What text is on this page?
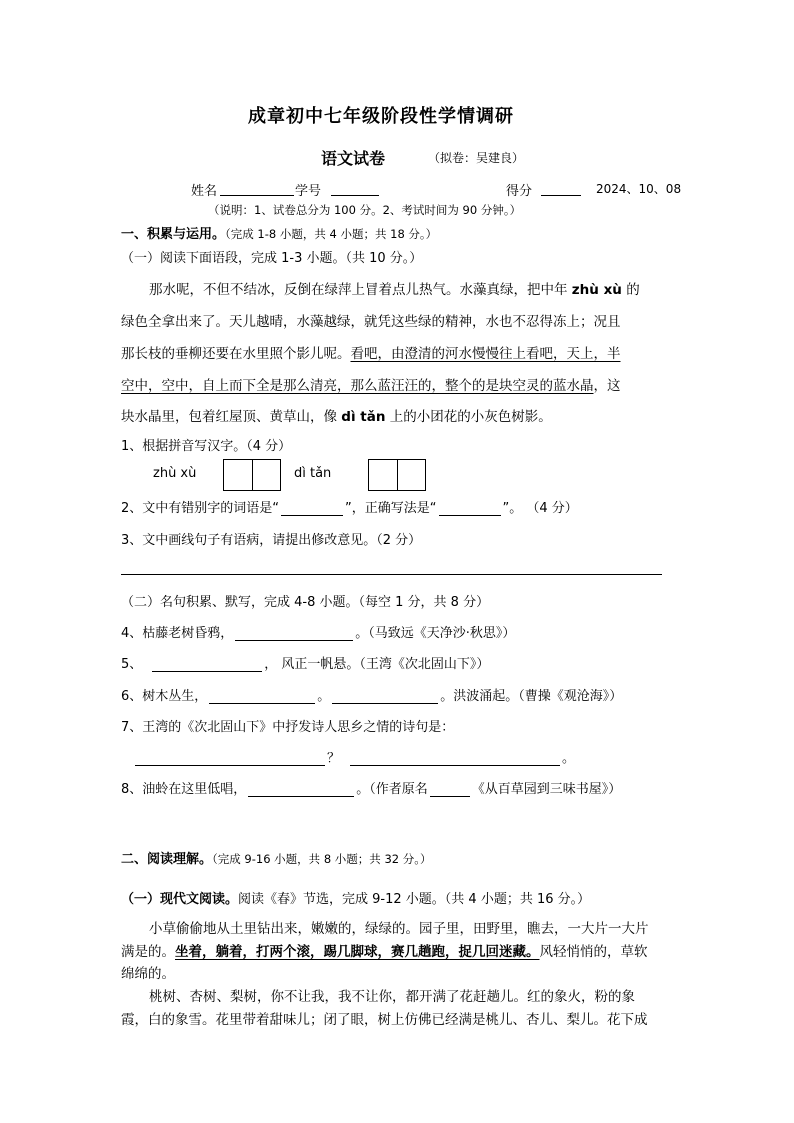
成章初中七年级阶段性学情调研
语文试卷	（拟卷：吴建良）
姓名	学号	得分	2024、10、08
（说明：1、试卷总分为 100 分。2、考试时间为 90 分钟。）
一、积累与运用。（完成 1-8 小题，共 4 小题；共 18 分。）
（一）阅读下面语段，完成 1-3 小题。（共 10 分。）
那水呢，不但不结冰，反倒在绿萍上冒着点儿热气。水藻真绿，把中年 zhù xù 的
绿色全拿出来了。天儿越晴，水藻越绿，就凭这些绿的精神，水也不忍得冻上；况且
那长枝的垂柳还要在水里照个影儿呢。看吧，由澄清的河水慢慢往上看吧，天上，半
空中，空中，自上而下全是那么清亮，那么蓝汪汪的，整个的是块空灵的蓝水晶，这
块水晶里，包着红屋顶、黄草山，像 dì tǎn 上的小团花的小灰色树影。
1、根据拼音写汉字。（4 分）
zhù xù	dì tǎn
2、文中有错别字的词语是“	”，正确写法是“	”。 （4 分）
3、文中画线句子有语病，请提出修改意见。（2 分）
（二）名句积累、默写，完成 4-8 小题。（每空 1 分，共 8 分）
4、枯藤老树昏鸦，	。（马致远《天净沙·秋思》）
5、	， 风正一帆悬。（王湾《次北固山下》）
6、树木丛生，	。	。洪波涌起。（曹操《观沧海》）
7、王湾的《次北固山下》中抒发诗人思乡之情的诗句是：
？	。
8、油蛉在这里低唱，	。（作者原名	《从百草园到三味书屋》）
二、阅读理解。（完成 9-16 小题，共 8 小题；共 32 分。）
（一）现代文阅读。阅读《春》节选，完成 9-12 小题。（共 4 小题；共 16 分。）
小草偷偷地从土里钻出来，嫩嫩的，绿绿的。园子里，田野里，瞧去，一大片一大片
满是的。坐着，躺着，打两个滚，踢几脚球，赛几趟跑，捉几回迷藏。风轻悄悄的，草软
绵绵的。
桃树、杏树、梨树，你不让我，我不让你，都开满了花赶趟儿。红的象火，粉的象
霞，白的象雪。花里带着甜味儿；闭了眼，树上仿佛已经满是桃儿、杏儿、梨儿。花下成
